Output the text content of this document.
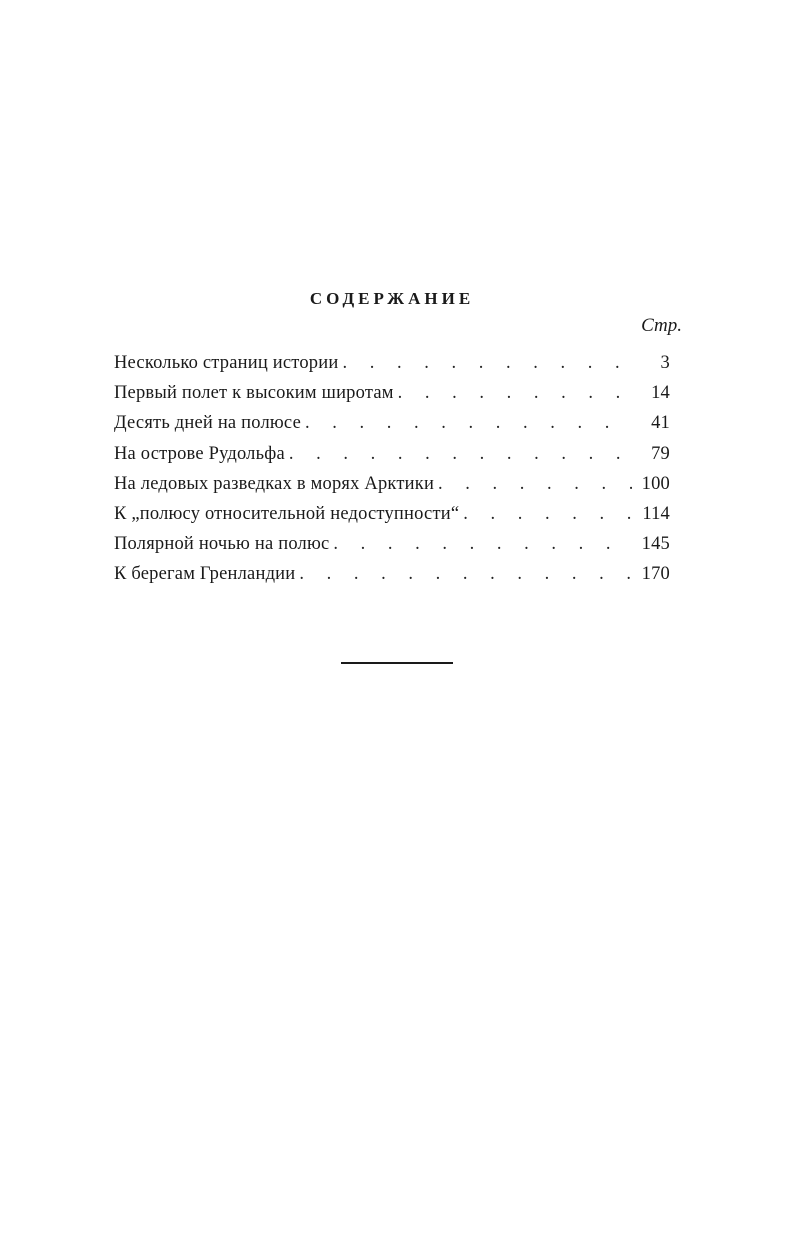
СОДЕРЖАНИЕ
Стр.
Несколько страниц истории . . .	3
Первый полет к высоким широтам . . .	14
Десять дней на полюсе . . .	41
На острове Рудольфа . . .	79
На ледовых разведках в морях Арктики . . .	100
К „полюсу относительной недоступности“ . . .	114
Полярной ночью на полюс . . .	145
К берегам Гренландии . . .	170
